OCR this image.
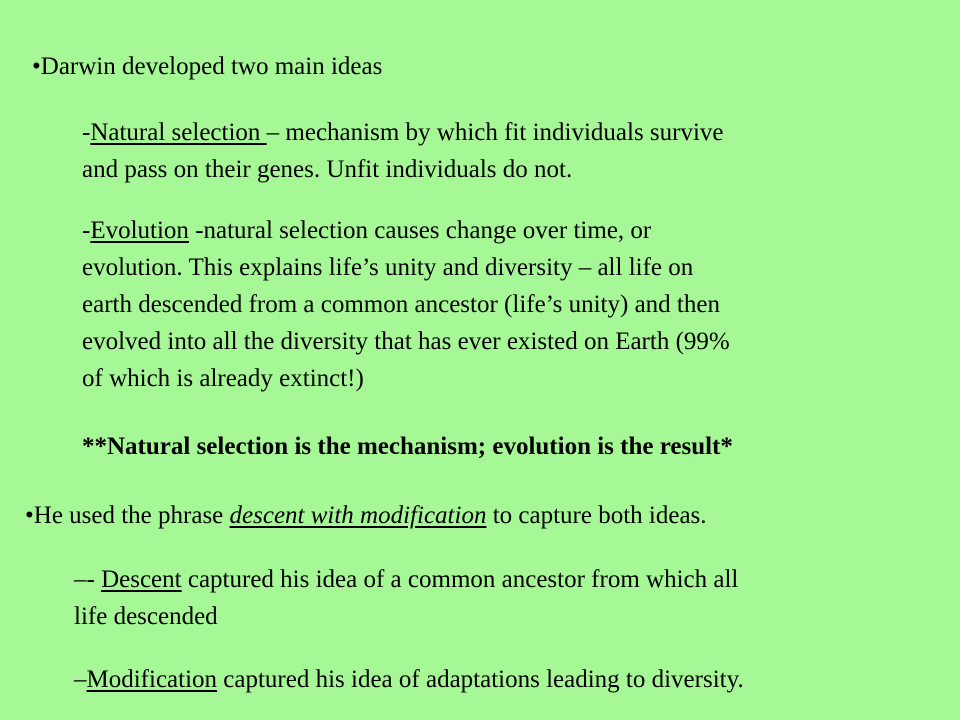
•Darwin developed two main ideas
-Natural selection – mechanism by which fit individuals survive
and pass on their genes. Unfit individuals do not.
-Evolution -natural selection causes change over time, or
evolution. This explains life’s unity and diversity – all life on
earth descended from a common ancestor (life’s unity) and then
evolved into all the diversity that has ever existed on Earth (99%
of which is already extinct!)
**Natural selection is the mechanism; evolution is the result*
•He used the phrase descent with modification to capture both ideas.
–- Descent captured his idea of a common ancestor from which all
life descended
–Modification captured his idea of adaptations leading to diversity.
